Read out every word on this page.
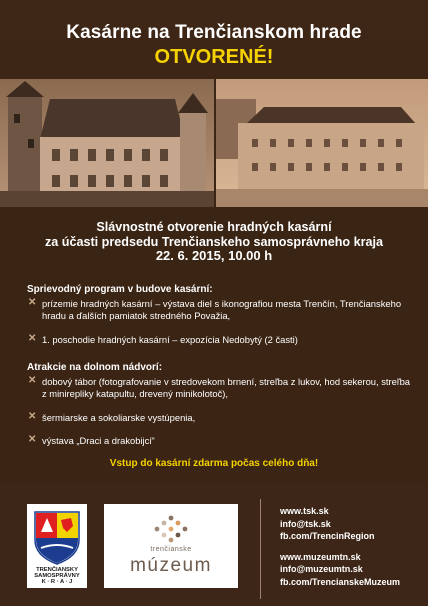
Kasárne na Trenčianskom hrade
OTVORENÉ!
Slávnostné otvorenie hradných kasární
za účasti predsedu Trenčianskeho samosprávneho kraja
22. 6. 2015, 10.00 h
Sprievodný program v budove kasární:
✕ prízemie hradných kasární – výstava diel s ikonografiou mesta Trenčín, Trenčianskeho hradu a ďalších pamiatok stredného Považia,
✕ 1. poschodie hradných kasární – expozícia Nedobytý (2 časti)
Atrakcie na dolnom nádvorí:
✕ dobový tábor (fotografovanie v stredovekom brnení, streľba z lukov, hod sekerou, streľba z minirepliky katapultu, drevený minikolotoč),
✕ šermiarske a sokoliarske vystúpenia,
✕ výstava „Draci a drakobijci"
Vstup do kasární zdarma počas celého dňa!
TRENČIANSKY
SAMOSPRÁVNY
K · R · A · J
trenčianske
múzeum
www.tsk.sk
info@tsk.sk
fb.com/TrencinRegion
www.muzeumtn.sk
info@muzeumtn.sk
fb.com/TrencianskeMuzeum
